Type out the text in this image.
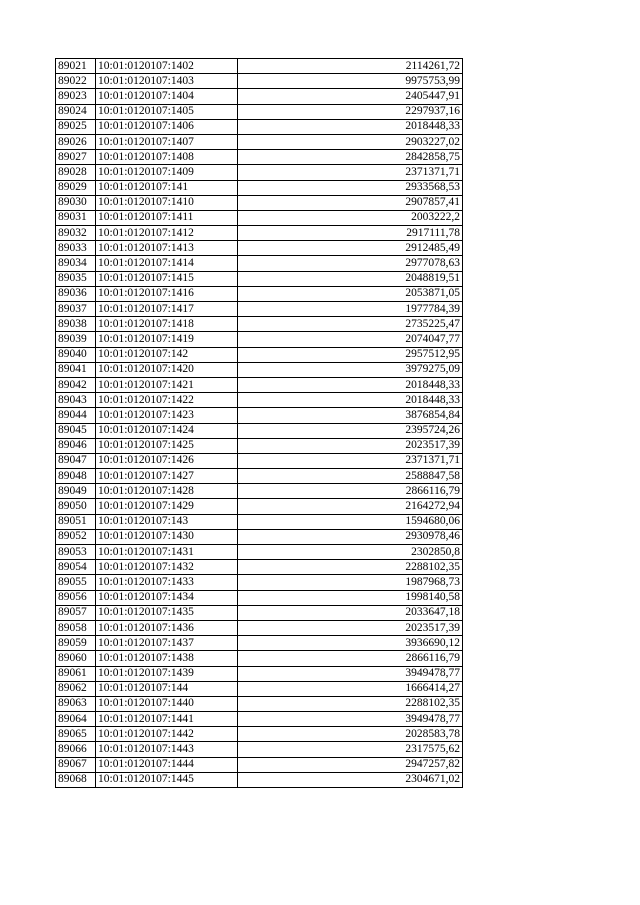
89021	10:01:0120107:1402	2114261,72
89022	10:01:0120107:1403	9975753,99
89023	10:01:0120107:1404	2405447,91
89024	10:01:0120107:1405	2297937,16
89025	10:01:0120107:1406	2018448,33
89026	10:01:0120107:1407	2903227,02
89027	10:01:0120107:1408	2842858,75
89028	10:01:0120107:1409	2371371,71
89029	10:01:0120107:141	2933568,53
89030	10:01:0120107:1410	2907857,41
89031	10:01:0120107:1411	2003222,2
89032	10:01:0120107:1412	2917111,78
89033	10:01:0120107:1413	2912485,49
89034	10:01:0120107:1414	2977078,63
89035	10:01:0120107:1415	2048819,51
89036	10:01:0120107:1416	2053871,05
89037	10:01:0120107:1417	1977784,39
89038	10:01:0120107:1418	2735225,47
89039	10:01:0120107:1419	2074047,77
89040	10:01:0120107:142	2957512,95
89041	10:01:0120107:1420	3979275,09
89042	10:01:0120107:1421	2018448,33
89043	10:01:0120107:1422	2018448,33
89044	10:01:0120107:1423	3876854,84
89045	10:01:0120107:1424	2395724,26
89046	10:01:0120107:1425	2023517,39
89047	10:01:0120107:1426	2371371,71
89048	10:01:0120107:1427	2588847,58
89049	10:01:0120107:1428	2866116,79
89050	10:01:0120107:1429	2164272,94
89051	10:01:0120107:143	1594680,06
89052	10:01:0120107:1430	2930978,46
89053	10:01:0120107:1431	2302850,8
89054	10:01:0120107:1432	2288102,35
89055	10:01:0120107:1433	1987968,73
89056	10:01:0120107:1434	1998140,58
89057	10:01:0120107:1435	2033647,18
89058	10:01:0120107:1436	2023517,39
89059	10:01:0120107:1437	3936690,12
89060	10:01:0120107:1438	2866116,79
89061	10:01:0120107:1439	3949478,77
89062	10:01:0120107:144	1666414,27
89063	10:01:0120107:1440	2288102,35
89064	10:01:0120107:1441	3949478,77
89065	10:01:0120107:1442	2028583,78
89066	10:01:0120107:1443	2317575,62
89067	10:01:0120107:1444	2947257,82
89068	10:01:0120107:1445	2304671,02
